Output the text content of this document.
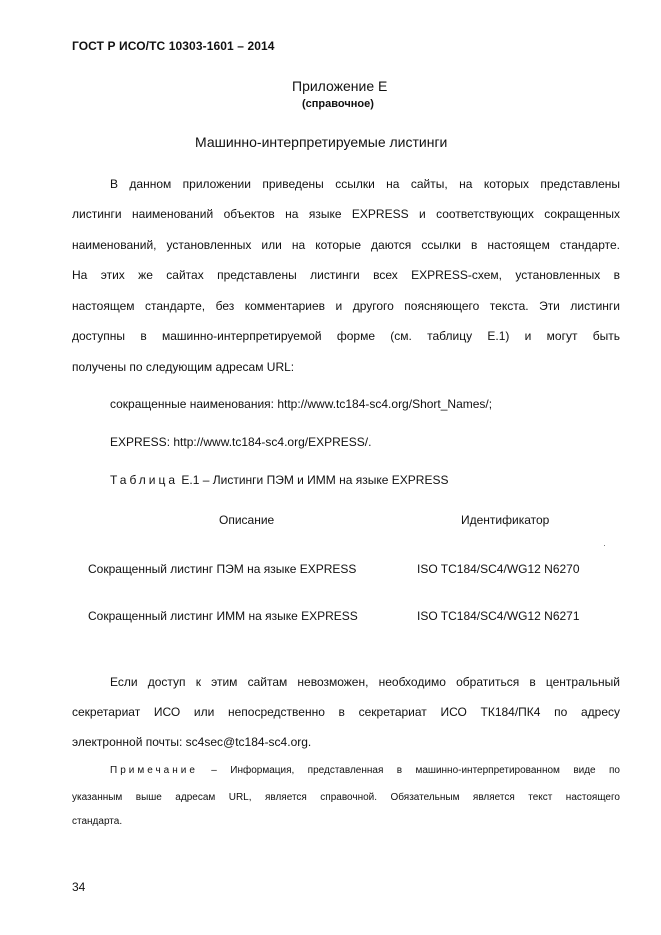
ГОСТ Р ИСО/ТС 10303-1601 – 2014
Приложение Е
(справочное)
Машинно-интерпретируемые листинги
В данном приложении приведены ссылки на сайты, на которых представлены
листинги наименований объектов на языке EXPRESS и соответствующих сокращенных
наименований, установленных или на которые даются ссылки в настоящем стандарте.
На этих же сайтах представлены листинги всех EXPRESS-схем, установленных в
настоящем стандарте, без комментариев и другого поясняющего текста. Эти листинги
доступны в машинно-интерпретируемой форме (см. таблицу Е.1) и могут быть
получены по следующим адресам URL:
сокращенные наименования: http://www.tc184-sc4.org/Short_Names/;
EXPRESS: http://www.tc184-sc4.org/EXPRESS/.
Таблица Е.1 – Листинги ПЭМ и ИММ на языке EXPRESS
Описание	Идентификатор
Сокращенный листинг ПЭМ на языке EXPRESS	ISO TC184/SC4/WG12 N6270
Сокращенный листинг ИММ на языке EXPRESS	ISO TC184/SC4/WG12 N6271
Если доступ к этим сайтам невозможен, необходимо обратиться в центральный
секретариат ИСО или непосредственно в секретариат ИСО ТК184/ПК4 по адресу
электронной почты: sc4sec@tc184-sc4.org.
Примечание – Информация, представленная в машинно-интерпретированном виде по
указанным выше адресам URL, является справочной. Обязательным является текст настоящего
стандарта.
34
